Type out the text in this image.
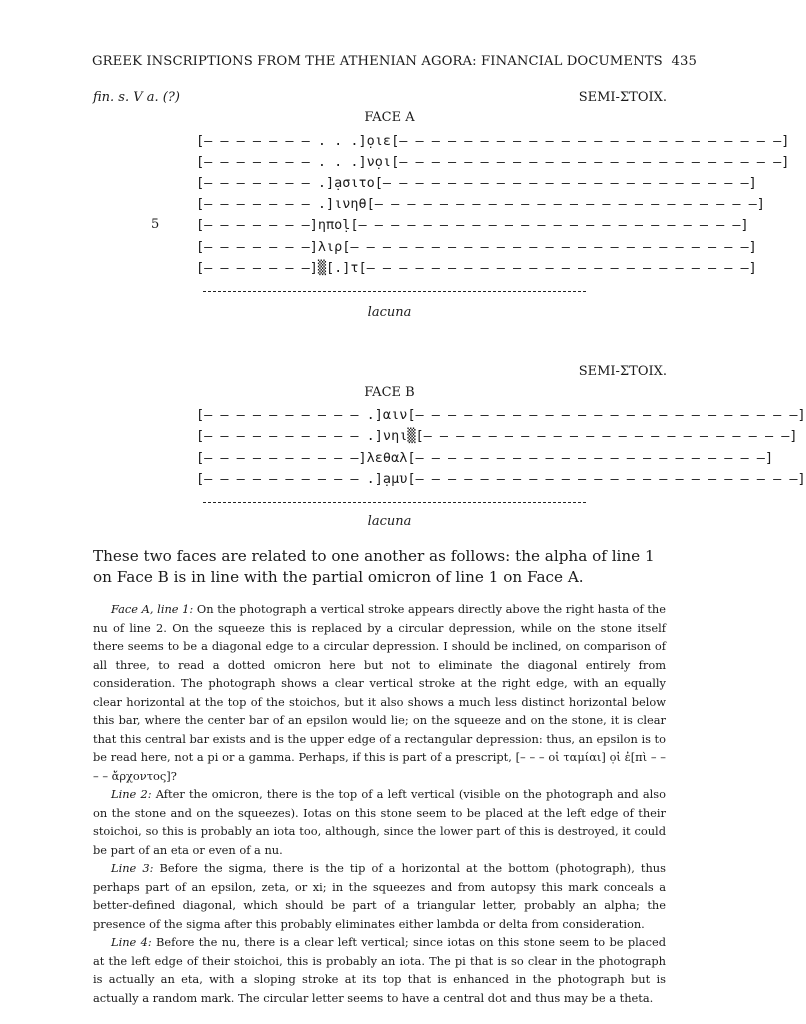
GREEK INSCRIPTIONS FROM THE ATHENIAN AGORA: FINANCIAL DOCUMENTS 435
fin. s. V a. (?)	SEMI-ΣΤΟΙΧ.
FACE A
[– – – – – – – . . .]ọιε[– – – – – – – – – – – – – – – – – – – – – – – –]
[– – – – – – – . . .]νọι[– – – – – – – – – – – – – – – – – – – – – – – –]
[– – – – – – – .]ạσιτο[– – – – – – – – – – – – – – – – – – – – – – –]
[– – – – – – – .]ινηθ[– – – – – – – – – – – – – – – – – – – – – – – –]
[– – – – – – –]ηποḷ[– – – – – – – – – – – – – – – – – – – – – – – –]
[– – – – – – –]λιρ[– – – – – – – – – – – – – – – – – – – – – – – – –]
[– – – – – – –]▒[.]τ[– – – – – – – – – – – – – – – – – – – – – – – –]
5
lacuna
SEMI-ΣΤΟΙΧ.
FACE B
[– – – – – – – – – – .]αιν[– – – – – – – – – – – – – – – – – – – – – – – –]
[– – – – – – – – – – .]νηι▒[– – – – – – – – – – – – – – – – – – – – – – –]
[– – – – – – – – – –]λεθαλ[– – – – – – – – – – – – – – – – – – – – – –]
[– – – – – – – – – – .]ạμυ[– – – – – – – – – – – – – – – – – – – – – – – –]
lacuna

These two faces are related to one another as follows: the alpha of line 1 on Face B is in line with the partial omicron of line 1 on Face A.

Face A, line 1: On the photograph a vertical stroke appears directly above the right hasta of the nu of line 2. On the squeeze this is replaced by a circular depression, while on the stone itself there seems to be a diagonal edge to a circular depression. I should be inclined, on comparison of all three, to read a dotted omicron here but not to eliminate the diagonal entirely from consideration. The photograph shows a clear vertical stroke at the right edge, with an equally clear horizontal at the top of the stoichos, but it also shows a much less distinct horizontal below this bar, where the center bar of an epsilon would lie; on the squeeze and on the stone, it is clear that this central bar exists and is the upper edge of a rectangular depression: thus, an epsilon is to be read here, not a pi or a gamma. Perhaps, if this is part of a prescript, [– – – οἱ ταμίαι] ọἱ ἐ[πὶ – – – – ἄρχοντος]?

Line 2: After the omicron, there is the top of a left vertical (visible on the photograph and also on the stone and on the squeezes). Iotas on this stone seem to be placed at the left edge of their stoichoi, so this is probably an iota too, although, since the lower part of this is destroyed, it could be part of an eta or even of a nu.

Line 3: Before the sigma, there is the tip of a horizontal at the bottom (photograph), thus perhaps part of an epsilon, zeta, or xi; in the squeezes and from autopsy this mark conceals a better-defined diagonal, which should be part of a triangular letter, probably an alpha; the presence of the sigma after this probably eliminates either lambda or delta from consideration.

Line 4: Before the nu, there is a clear left vertical; since iotas on this stone seem to be placed at the left edge of their stoichoi, this is probably an iota. The pi that is so clear in the photograph is actually an eta, with a sloping stroke at its top that is enhanced in the photograph but is actually a random mark. The circular letter seems to have a central dot and thus may be a theta.
